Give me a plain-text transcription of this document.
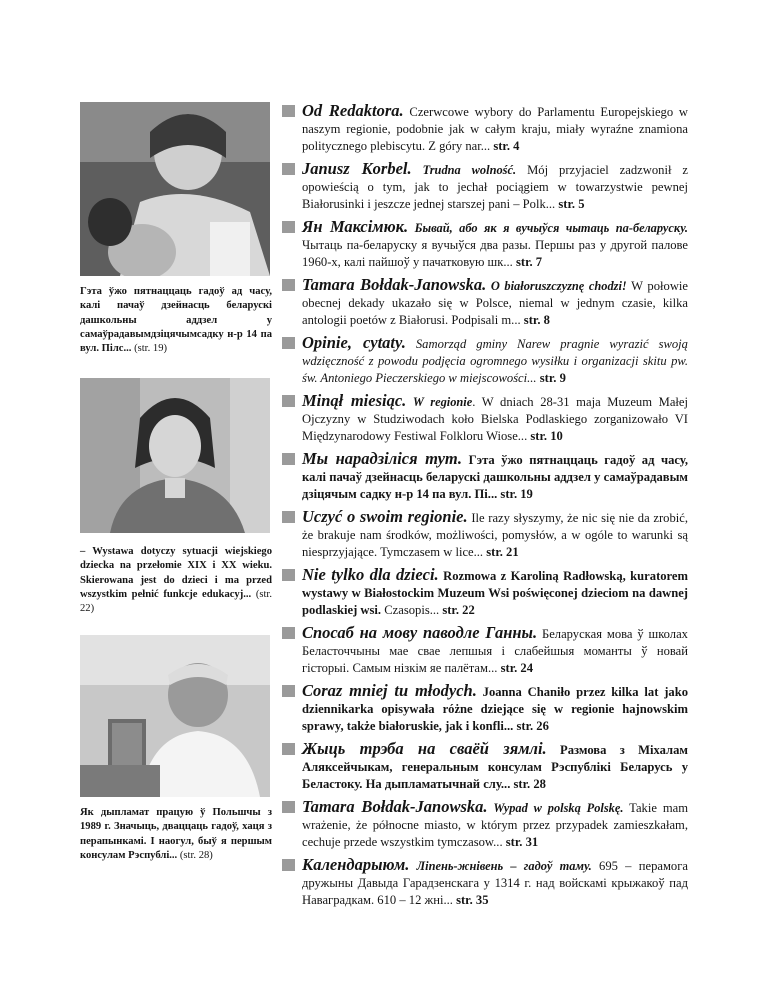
Гэта ўжо пятнаццаць гадоў ад часу, калі пачаў дзейнасць беларускі дашкольны аддзел у самаўрадавымдзіцячымсадку н-р 14 па вул. Пілс... (str. 19)
– Wystawa dotyczy sytuacji wiejskiego dziecka na przełomie XIX i XX wieku. Skierowana jest do dzieci i ma przed wszystkim pełnić funkcje edukacyj... (str. 22)
Як дыпламат працую ў Польшчы з 1989 г. Значыць, дваццаць гадоў, хаця з перапынкамі. І наогул, быў я першым консулам Рэспублі... (str. 28)
Od Redaktora. Czerwcowe wybory do Parlamentu Europejskiego w naszym regionie, podobnie jak w całym kraju, miały wyraźne znamiona politycznego plebiscytu. Z góry nar... str. 4
Janusz Korbel. Trudna wolność. Mój przyjaciel zadzwonił z opowieścią o tym, jak to jechał pociągiem w towarzystwie pewnej Białorusinki i jeszcze jednej starszej pani – Polk... str. 5
Ян Максімюк. Бывай, або як я вучыўся чытаць па-беларуску. Чытаць па-беларуску я вучыўся два разы. Першы раз у другой палове 1960-х, калі пайшоў у пачатковую шк... str. 7
Tamara Bołdak-Janowska. O białoruszczyznę chodzi! W połowie obecnej dekady ukazało się w Polsce, niemal w jednym czasie, kilka antologii poetów z Białorusi. Podpisali m... str. 8
Opinie, cytaty. Samorząd gminy Narew pragnie wyrazić swoją wdzięczność z powodu podjęcia ogromnego wysiłku i organizacji skitu pw. św. Antoniego Pieczerskiego w miejscowości... str. 9
Minął miesiąc. W regionie. W dniach 28-31 maja Muzeum Małej Ojczyzny w Studziwodach koło Bielska Podlaskiego zorganizowało VI Międzynarodowy Festiwal Folkloru Wiose... str. 10
Мы нарадзіліся тут. Гэта ўжо пятнаццаць гадоў ад часу, калі пачаў дзейнасць беларускі дашкольны аддзел у самаўрадавым дзіцячым садку н-р 14 па вул. Пі... str. 19
Uczyć o swoim regionie. Ile razy słyszymy, że nic się nie da zrobić, że brakuje nam środków, możliwości, pomysłów, a w ogóle to warunki są niesprzyjające. Tymczasem w lice... str. 21
Nie tylko dla dzieci. Rozmowa z Karoliną Radłowską, kuratorem wystawy w Białostockim Muzeum Wsi poświęconej dzieciom na dawnej podlaskiej wsi. Czasopis... str. 22
Спосаб на мову паводле Ганны. Беларуская мова ў школах Беласточчыны мае свае лепшыя і слабейшыя моманты ў новай гісторыі. Самым нізкім яе палётам... str. 24
Coraz mniej tu młodych. Joanna Chaniło przez kilka lat jako dziennikarka opisywała różne dziejące się w regionie hajnowskim sprawy, także białoruskie, jak i konfli... str. 26
Жыць трэба на сваёй зямлі. Размова з Міхалам Аляксейчыкам, генеральным консулам Рэспублікі Беларусь у Беластоку. На дыпламатычнай слу... str. 28
Tamara Bołdak-Janowska. Wypad w polską Polskę. Takie mam wrażenie, że północne miasto, w którym przez przypadek zamieszkałam, cechuje przede wszystkim tymczasow... str. 31
Календарыюм. Ліпень-жнівень – гадоў таму. 695 – перамога дружыны Давыда Гарадзенскага у 1314 г. над войскамі крыжакоў пад Наваградкам. 610 – 12 жні... str. 35
